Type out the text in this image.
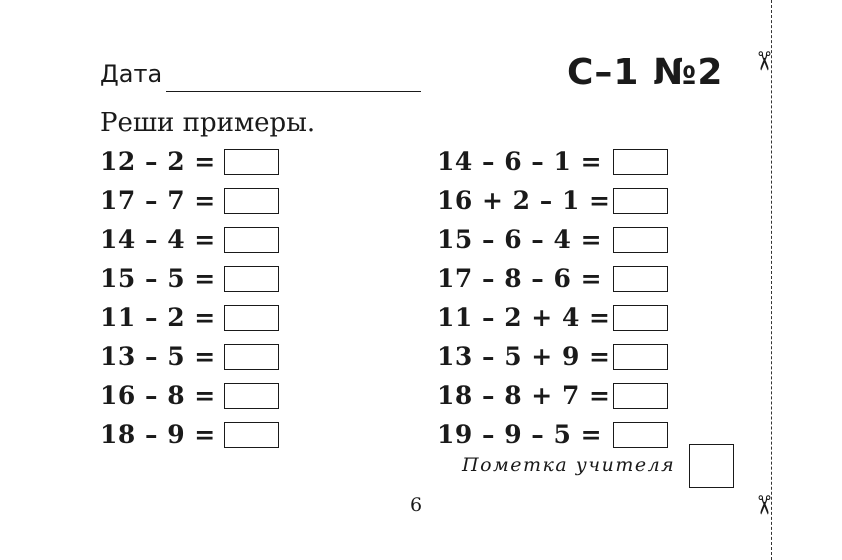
Дата	С–1 №2
Реши примеры.
12 – 2 =
17 – 7 =
14 – 4 =
15 – 5 =
11 – 2 =
13 – 5 =
16 – 8 =
18 – 9 =
14 – 6 – 1 =
16 + 2 – 1 =
15 – 6 – 4 =
17 – 8 – 6 =
11 – 2 + 4 =
13 – 5 + 9 =
18 – 8 + 7 =
19 – 9 – 5 =
Пометка учителя
6
✂
✂
